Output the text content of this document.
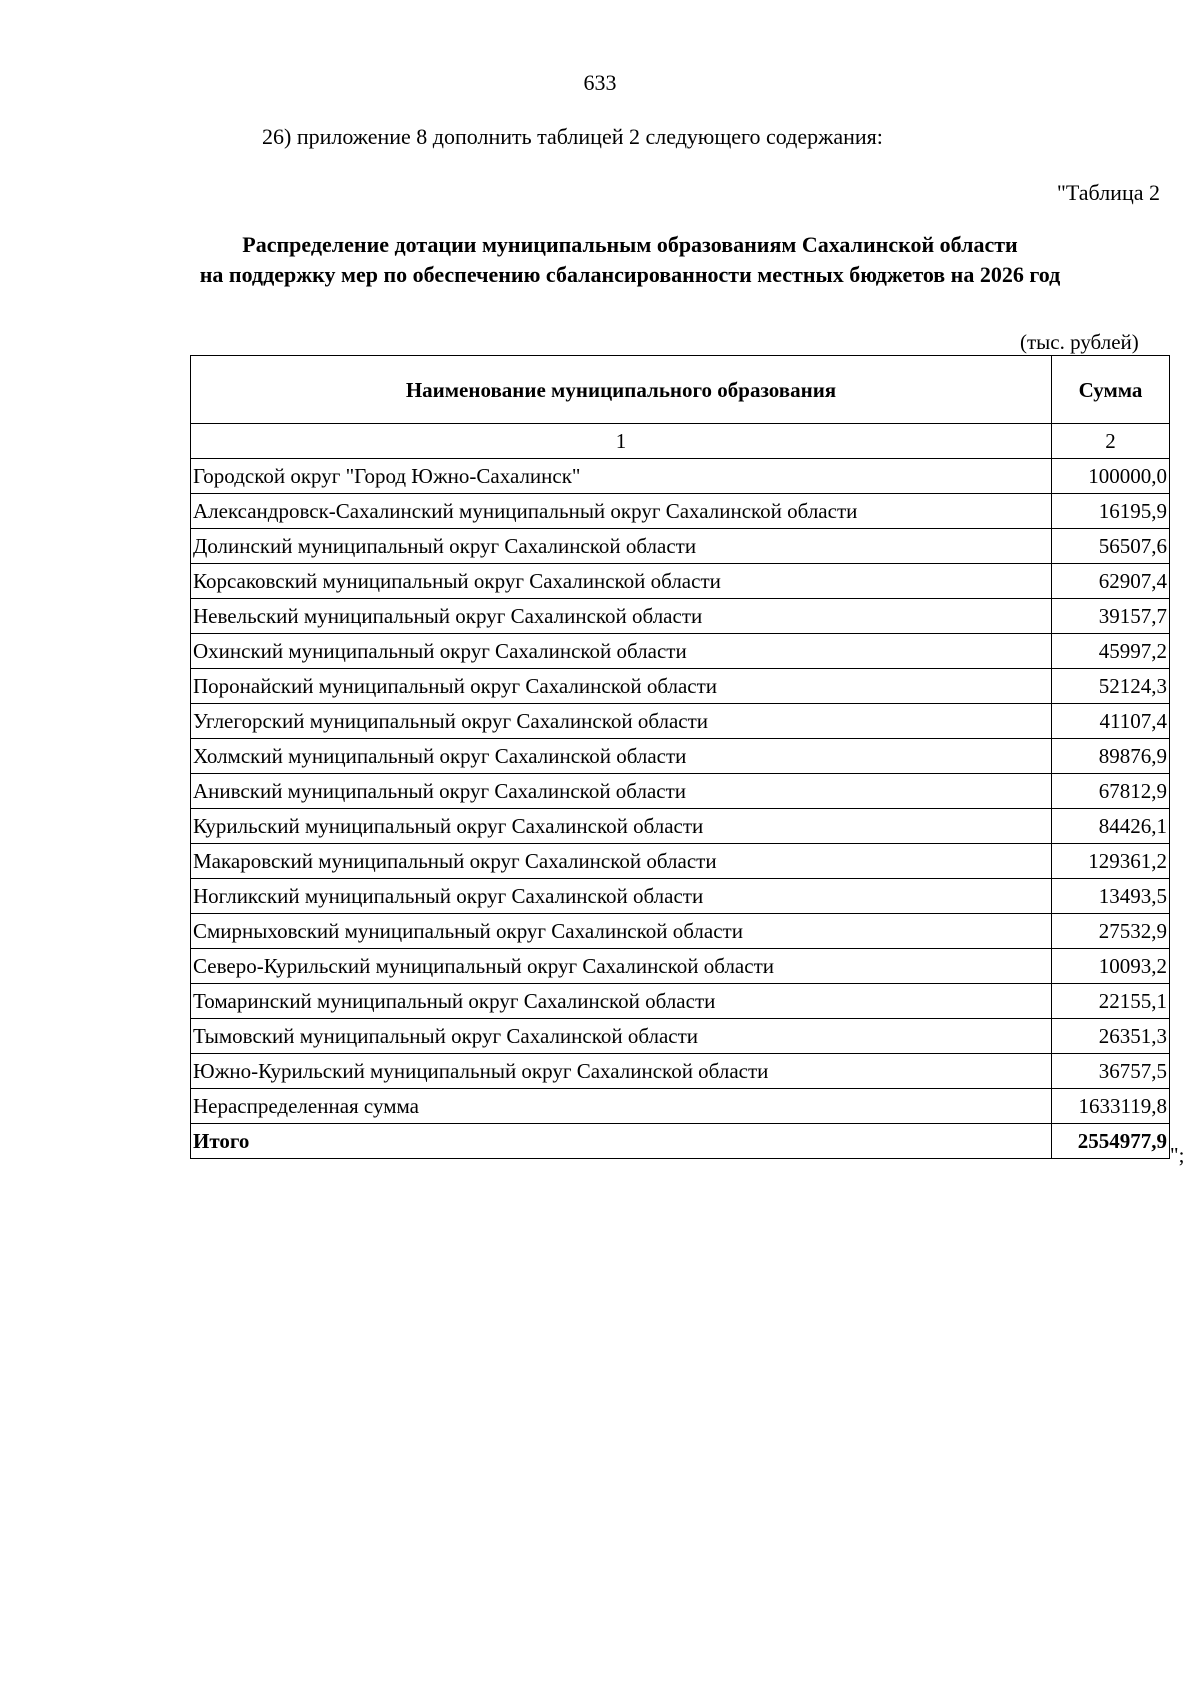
633
26) приложение 8 дополнить таблицей 2 следующего содержания:
"Таблица 2
Распределение дотации муниципальным образованиям Сахалинской области
на поддержку мер по обеспечению сбалансированности местных бюджетов на 2026 год
(тыс. рублей)
Наименование муниципального образования	Сумма
1	2
Городской округ "Город Южно-Сахалинск"	100000,0
Александровск-Сахалинский муниципальный округ Сахалинской области	16195,9
Долинский муниципальный округ Сахалинской области	56507,6
Корсаковский муниципальный округ Сахалинской области	62907,4
Невельский муниципальный округ Сахалинской области	39157,7
Охинский муниципальный округ Сахалинской области	45997,2
Поронайский муниципальный округ Сахалинской области	52124,3
Углегорский муниципальный округ Сахалинской области	41107,4
Холмский муниципальный округ Сахалинской области	89876,9
Анивский муниципальный округ Сахалинской области	67812,9
Курильский муниципальный округ Сахалинской области	84426,1
Макаровский муниципальный округ Сахалинской области	129361,2
Ногликский муниципальный округ Сахалинской области	13493,5
Смирныховский муниципальный округ Сахалинской области	27532,9
Северо-Курильский муниципальный округ Сахалинской области	10093,2
Томаринский муниципальный округ Сахалинской области	22155,1
Тымовский муниципальный округ Сахалинской области	26351,3
Южно-Курильский муниципальный округ Сахалинской области	36757,5
Нераспределенная сумма	1633119,8
Итого	2554977,9
";
